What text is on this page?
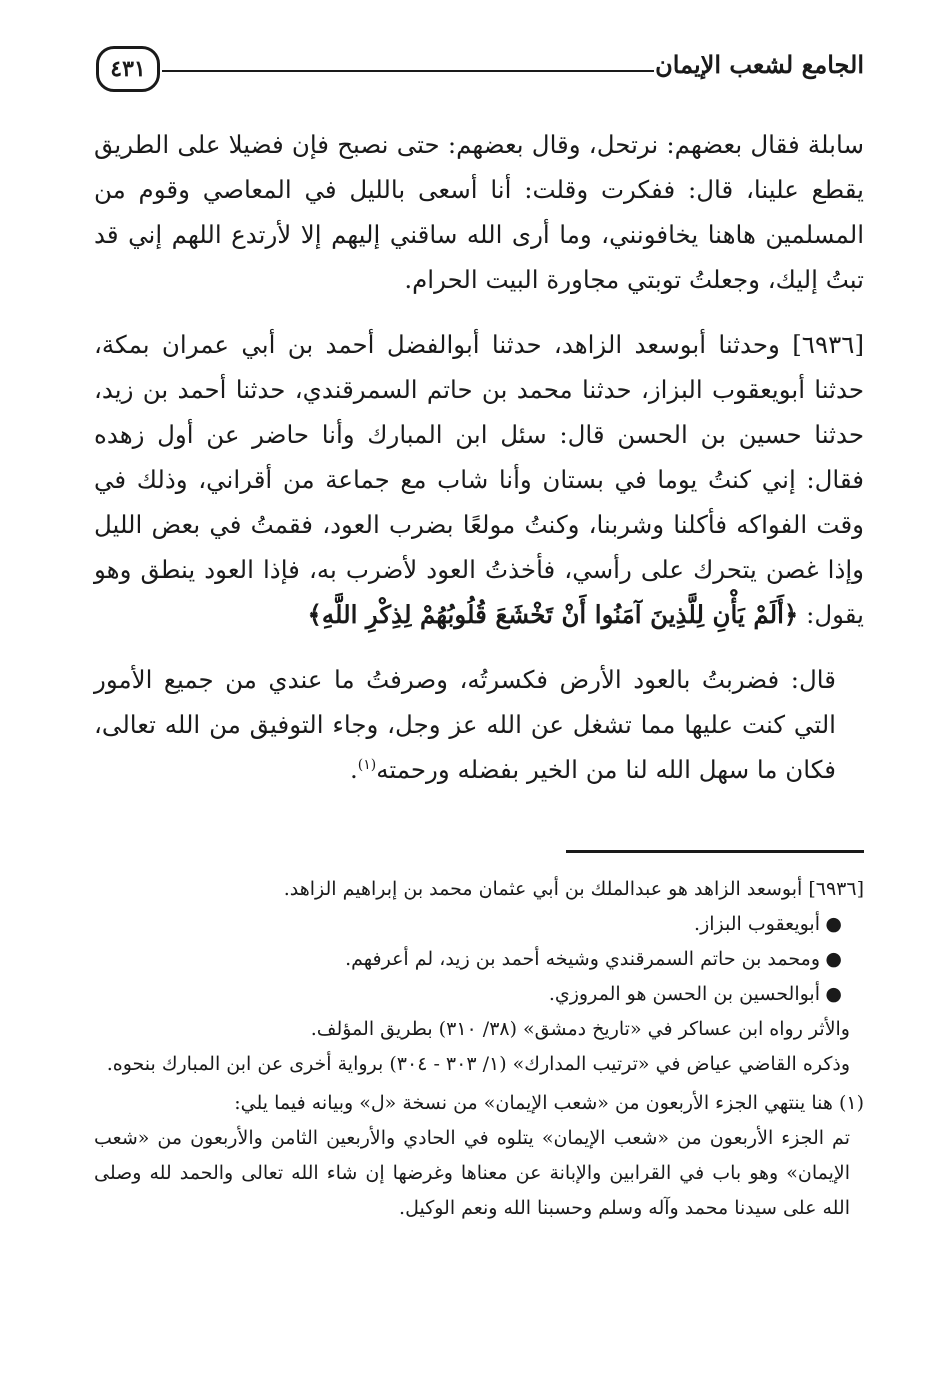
الجامع لشعب الإيمان
٤٣١

سابلة فقال بعضهم: نرتحل، وقال بعضهم: حتى نصبح فإن فضيلا على الطريق يقطع علينا، قال: ففكرت وقلت: أنا أسعى بالليل في المعاصي وقوم من المسلمين هاهنا يخافونني، وما أرى الله ساقني إليهم إلا لأرتدع اللهم إني قد تبتُ إليك، وجعلتُ توبتي مجاورة البيت الحرام.

[٦٩٣٦] وحدثنا أبوسعد الزاهد، حدثنا أبوالفضل أحمد بن أبي عمران بمكة، حدثنا أبويعقوب البزاز، حدثنا محمد بن حاتم السمرقندي، حدثنا أحمد بن زيد، حدثنا حسين بن الحسن قال: سئل ابن المبارك وأنا حاضر عن أول زهده فقال: إني كنتُ يوما في بستان وأنا شاب مع جماعة من أقراني، وذلك في وقت الفواكه فأكلنا وشربنا، وكنتُ مولعًا بضرب العود، فقمتُ في بعض الليل وإذا غصن يتحرك على رأسي، فأخذتُ العود لأضرب به، فإذا العود ينطق وهو يقول: ﴿أَلَمْ يَأْنِ لِلَّذِينَ آمَنُوا أَنْ تَخْشَعَ قُلُوبُهُمْ لِذِكْرِ اللَّهِ﴾

قال: فضربتُ بالعود الأرض فكسرتُه، وصرفتُ ما عندي من جميع الأمور التي كنت عليها مما تشغل عن الله عز وجل، وجاء التوفيق من الله تعالى، فكان ما سهل الله لنا من الخير بفضله ورحمته$^{(١)}$.

[٦٩٣٦] أبوسعد الزاهد هو عبدالملك بن أبي عثمان محمد بن إبراهيم الزاهد.

●
أبويعقوب البزاز.
●
ومحمد بن حاتم السمرقندي وشيخه أحمد بن زيد، لم أعرفهم.
●
أبوالحسين بن الحسن هو المروزي.

والأثر رواه ابن عساكر في «تاريخ دمشق» (٣٨/ ٣١٠) بطريق المؤلف.

وذكره القاضي عياض في «ترتيب المدارك» (١/ ٣٠٣ - ٣٠٤) برواية أخرى عن ابن المبارك بنحوه.

(١) هنا ينتهي الجزء الأربعون من «شعب الإيمان» من نسخة «ل» وبيانه فيما يلي:

تم الجزء الأربعون من «شعب الإيمان» يتلوه في الحادي والأربعين الثامن والأربعون من «شعب الإيمان» وهو باب في القرابين والإبانة عن معناها وغرضها إن شاء الله تعالى والحمد لله وصلى الله على سيدنا محمد وآله وسلم وحسبنا الله ونعم الوكيل.
